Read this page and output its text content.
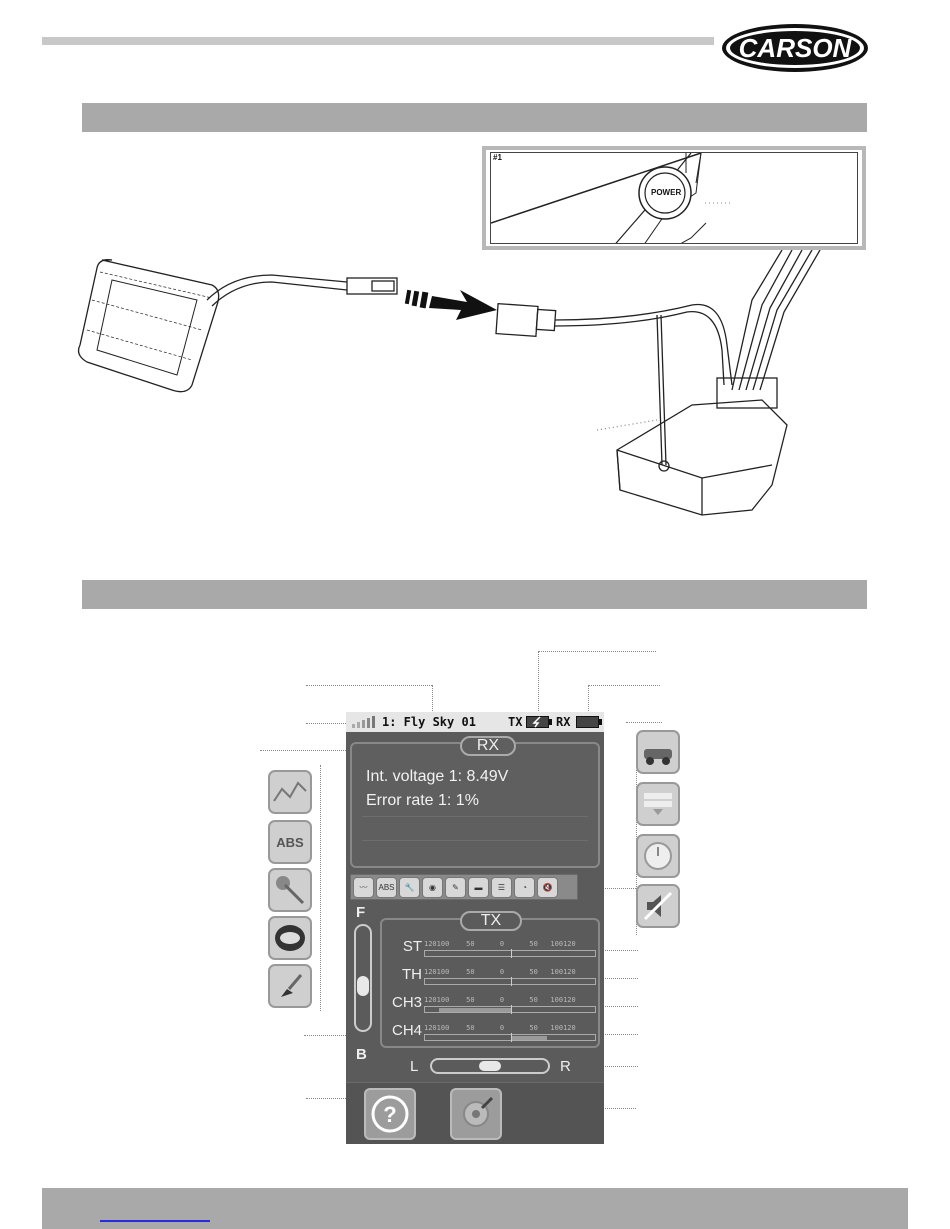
CARSON
#1
POWER
ABS
1: Fly Sky 01	TX	RX
RX
Int. voltage 1: 8.49V
Error rate 1: 1%
〰	ABS	🔧	◉	✎	▬	☰	◔	🔇
F
B
TX
ST 120100    50      0      50   100120
TH 120100    50      0      50   100120
CH3 120100    50      0      50   100120
CH4 120100    50      0      50   100120
L	R
?
